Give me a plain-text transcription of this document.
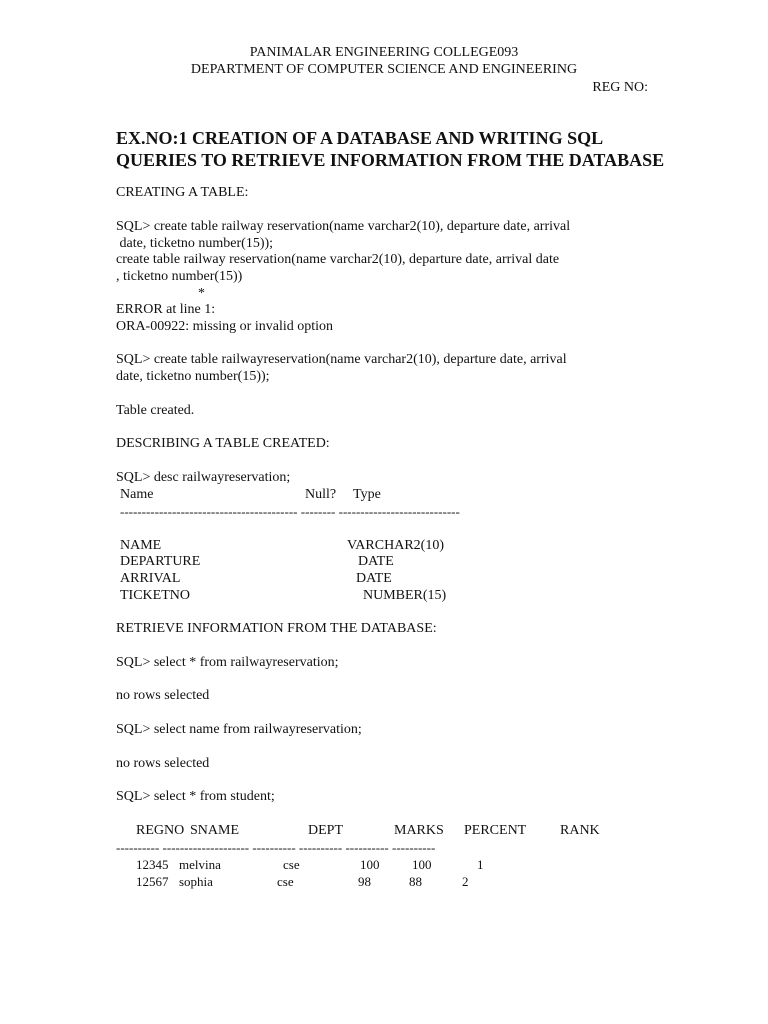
PANIMALAR ENGINEERING COLLEGE093
DEPARTMENT OF COMPUTER SCIENCE AND ENGINEERING
REG NO:
EX.NO:1 CREATION OF A DATABASE AND WRITING SQL
QUERIES TO RETRIEVE INFORMATION FROM THE DATABASE
CREATING A TABLE:
SQL> create table railway reservation(name varchar2(10), departure date, arrival
date, ticketno number(15));
create table railway reservation(name varchar2(10), departure date, arrival date
, ticketno number(15))
*
ERROR at line 1:
ORA-00922: missing or invalid option
SQL> create table railwayreservation(name varchar2(10), departure date, arrival
date, ticketno number(15));
Table created.
DESCRIBING A TABLE CREATED:
SQL> desc railwayreservation;
Name	Null? Type
----------------------------------------- -------- ----------------------------
NAME	VARCHAR2(10)
DEPARTURE	DATE
ARRIVAL	DATE
TICKETNO	NUMBER(15)
RETRIEVE INFORMATION FROM THE DATABASE:
SQL> select * from railwayreservation;
no rows selected
SQL> select name from railwayreservation;
no rows selected
SQL> select * from student;
REGNO SNAME	DEPT	MARKS PERCENT RANK
---------- -------------------- ---------- ---------- ---------- ----------
12345 melvina	cse	100	100	1
12567 sophia	cse	98	88	2
